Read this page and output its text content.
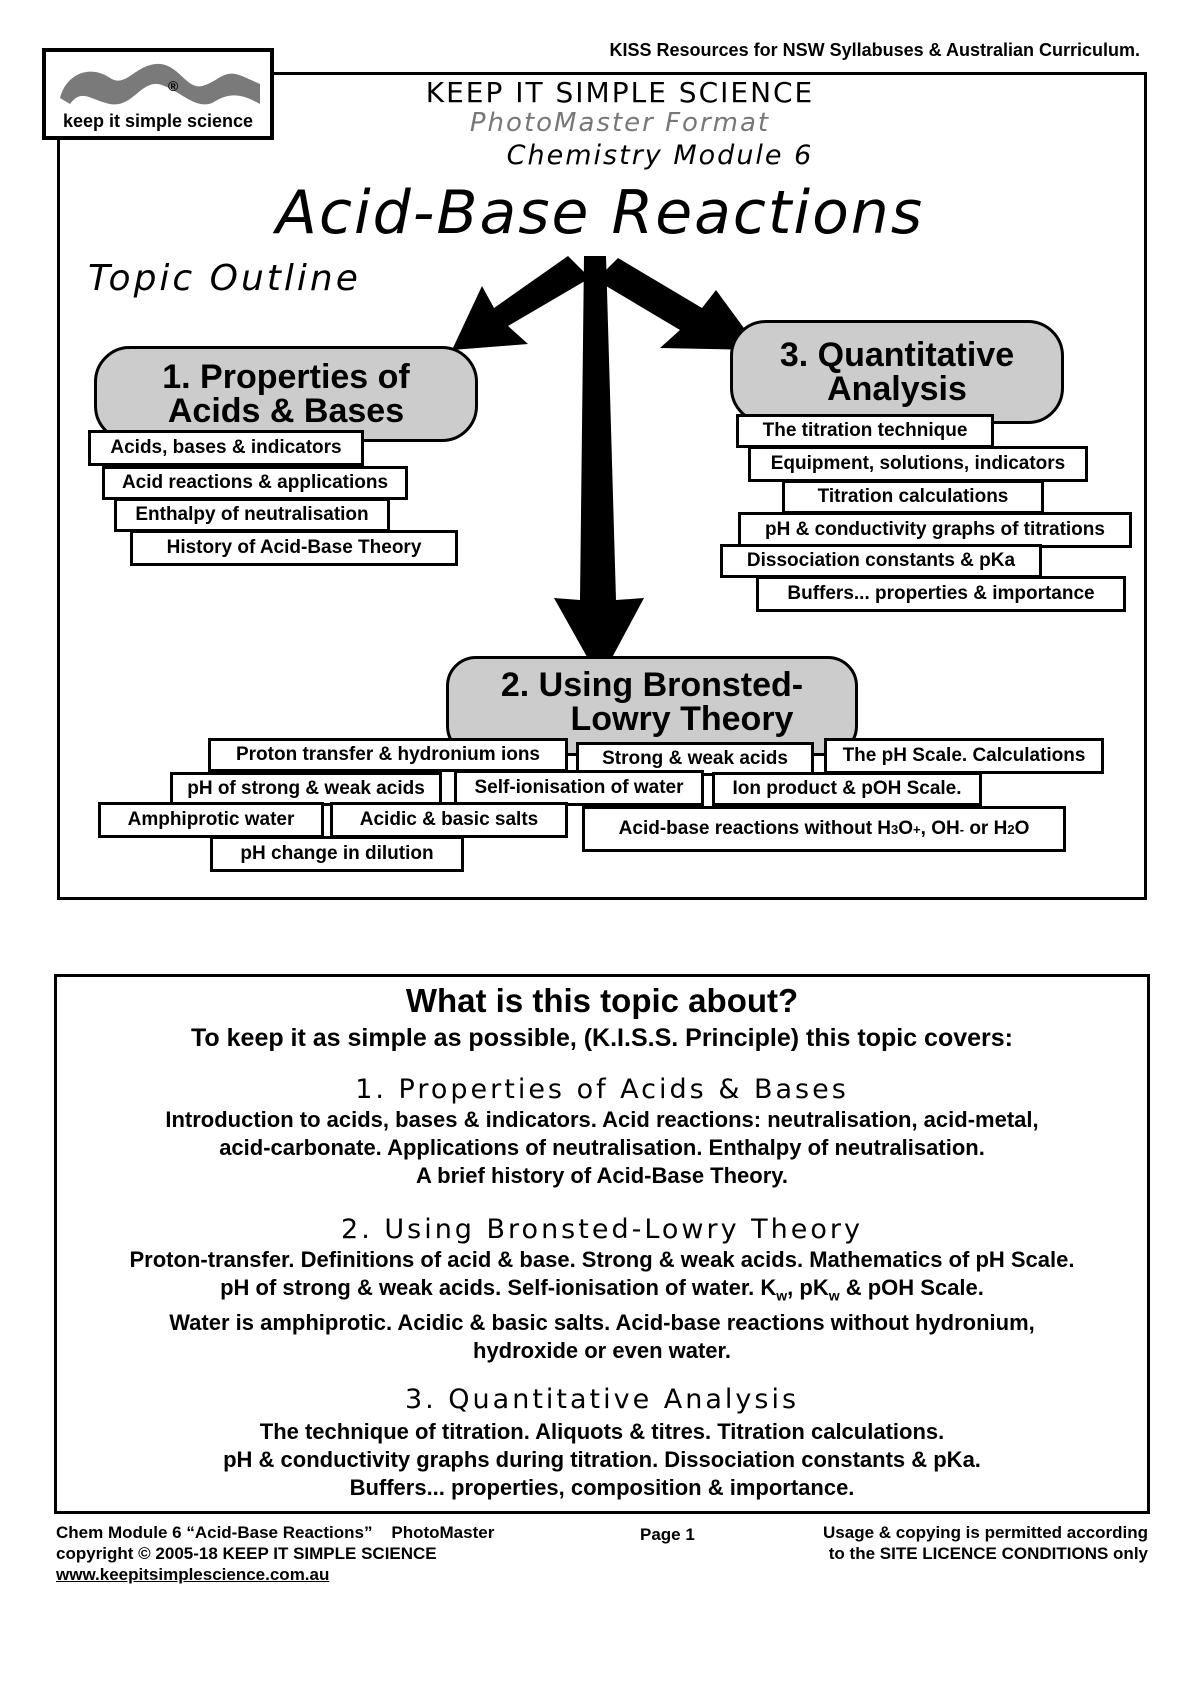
KISS Resources for NSW Syllabuses & Australian Curriculum.
®
keep it simple science
KEEP IT SIMPLE SCIENCE
PhotoMaster Format
Chemistry Module 6
Acid-Base Reactions
Topic Outline
1. Properties of
Acids & Bases
Acids, bases & indicators
Acid reactions & applications
Enthalpy of neutralisation
History of Acid-Base Theory
3. Quantitative
Analysis
The titration technique
Equipment, solutions, indicators
Titration calculations
pH & conductivity graphs of titrations
Dissociation constants & pKa
Buffers... properties & importance
2. Using Bronsted-
Lowry Theory
Proton transfer & hydronium ions	Strong & weak acids	The pH Scale. Calculations
pH of strong & weak acids	Self-ionisation of water	Ion product & pOH Scale.
Amphiprotic water	Acidic & basic salts
pH change in dilution
Acid-base reactions without H 3 O + , OH - or H 2 O
What is this topic about?
To keep it as simple as possible, (K.I.S.S. Principle) this topic covers:
1. Properties of Acids & Bases
Introduction to acids, bases & indicators. Acid reactions: neutralisation, acid-metal,
acid-carbonate. Applications of neutralisation. Enthalpy of neutralisation.
A brief history of Acid-Base Theory.
2. Using Bronsted-Lowry Theory
Proton-transfer. Definitions of acid & base. Strong & weak acids. Mathematics of pH Scale.
pH of strong & weak acids. Self-ionisation of water. $K_w$, $pK_w$ & pOH Scale.
Water is amphiprotic. Acidic & basic salts. Acid-base reactions without hydronium,
hydroxide or even water.
3. Quantitative Analysis
The technique of titration. Aliquots & titres. Titration calculations.
pH & conductivity graphs during titration. Dissociation constants & pKa.
Buffers... properties, composition & importance.
Chem Module 6 “Acid-Base Reactions”    PhotoMaster
copyright © 2005-18 KEEP IT SIMPLE SCIENCE
www.keepitsimplescience.com.au
Page 1	Usage & copying is permitted according
to the SITE LICENCE CONDITIONS only
